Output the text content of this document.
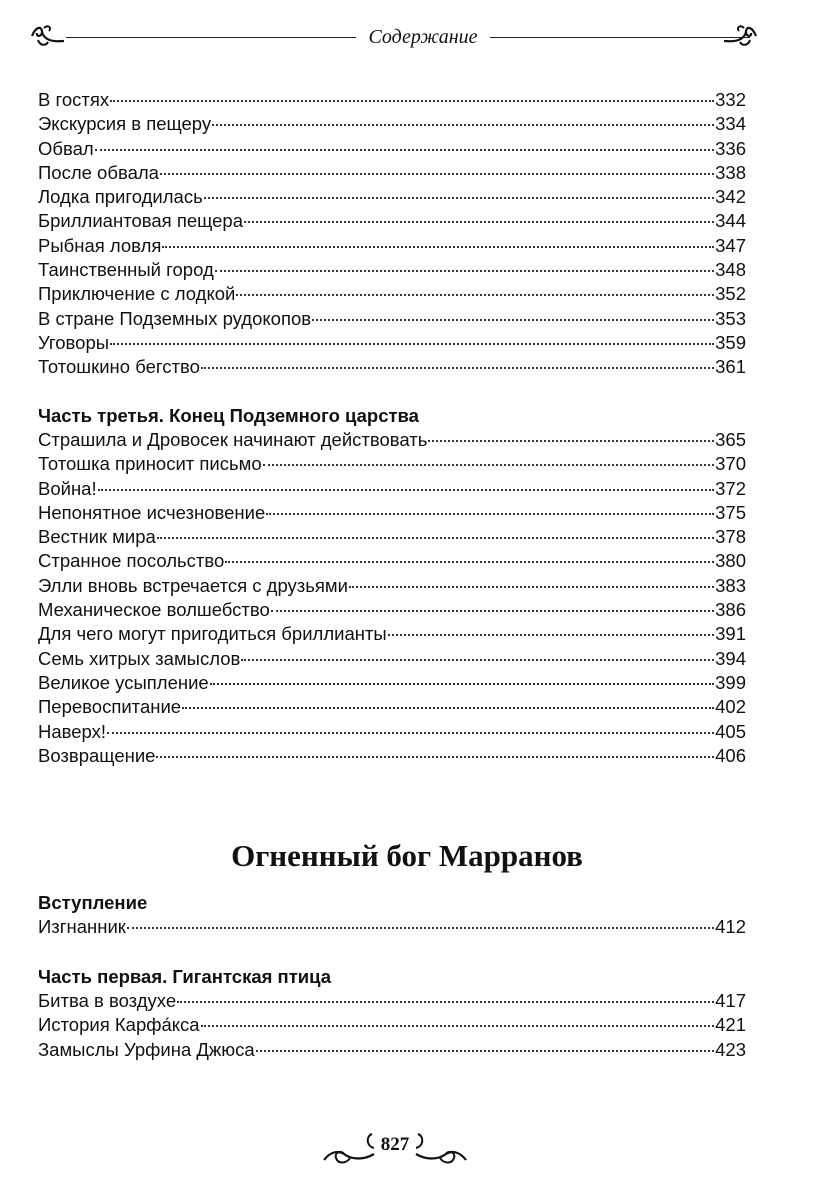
Содержание
В гостях	332
Экскурсия в пещеру	334
Обвал	336
После обвала	338
Лодка пригодилась	342
Бриллиантовая пещера	344
Рыбная ловля	347
Таинственный город	348
Приключение с лодкой	352
В стране Подземных рудокопов	353
Уговоры	359
Тотошкино бегство	361
Часть третья. Конец Подземного царства
Страшила и Дровосек начинают действовать	365
Тотошка приносит письмо	370
Война!	372
Непонятное исчезновение	375
Вестник мира	378
Странное посольство	380
Элли вновь встречается с друзьями	383
Механическое волшебство	386
Для чего могут пригодиться бриллианты	391
Семь хитрых замыслов	394
Великое усыпление	399
Перевоспитание	402
Наверх!	405
Возвращение	406
Огненный бог Марранов
Вступление
Изгнанник	412
Часть первая. Гигантская птица
Битва в воздухе	417
История Карфа́кса	421
Замыслы Урфина Джюса	423
827
